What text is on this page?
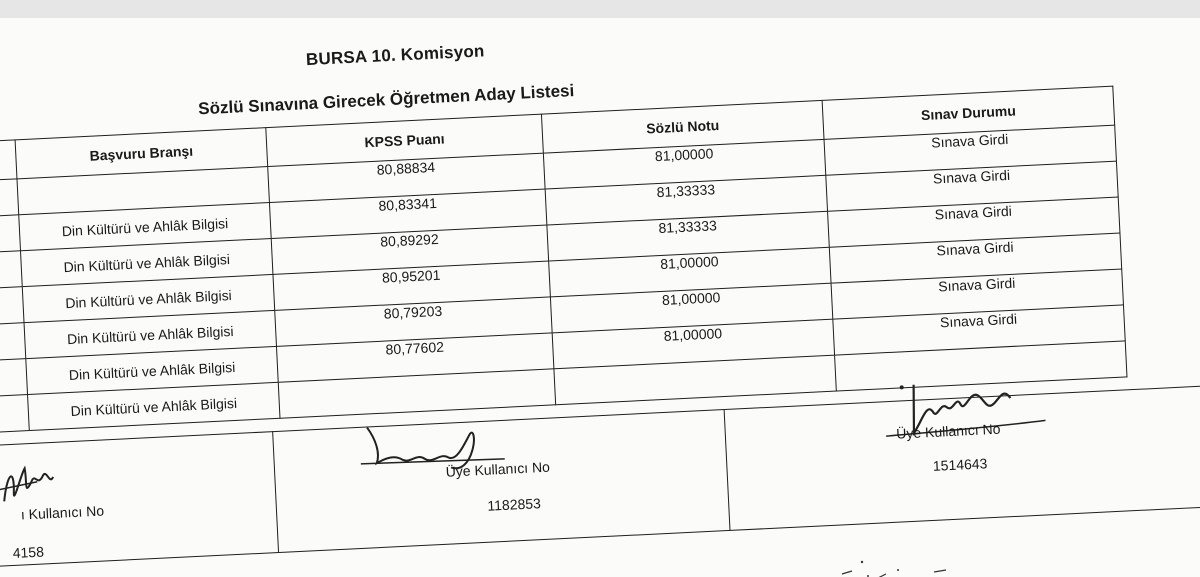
BURSA 10. Komisyon
Sözlü Sınavına Girecek Öğretmen Aday Listesi
	Başvuru Branşı	KPSS Puanı	Sözlü Notu	Sınav Durumu
		80,88834	81,00000	Sınava Girdi
	Din Kültürü ve Ahlâk Bilgisi	80,83341	81,33333	Sınava Girdi
	Din Kültürü ve Ahlâk Bilgisi	80,89292	81,33333	Sınava Girdi
	Din Kültürü ve Ahlâk Bilgisi	80,95201	81,00000	Sınava Girdi
	Din Kültürü ve Ahlâk Bilgisi	80,79203	81,00000	Sınava Girdi
	Din Kültürü ve Ahlâk Bilgisi	80,77602	81,00000	Sınava Girdi
	Din Kültürü ve Ahlâk Bilgisi			
ı Kullanıcı No
4158

Üye Kullanıcı No
1182853

Üye Kullanıcı No
1514643
